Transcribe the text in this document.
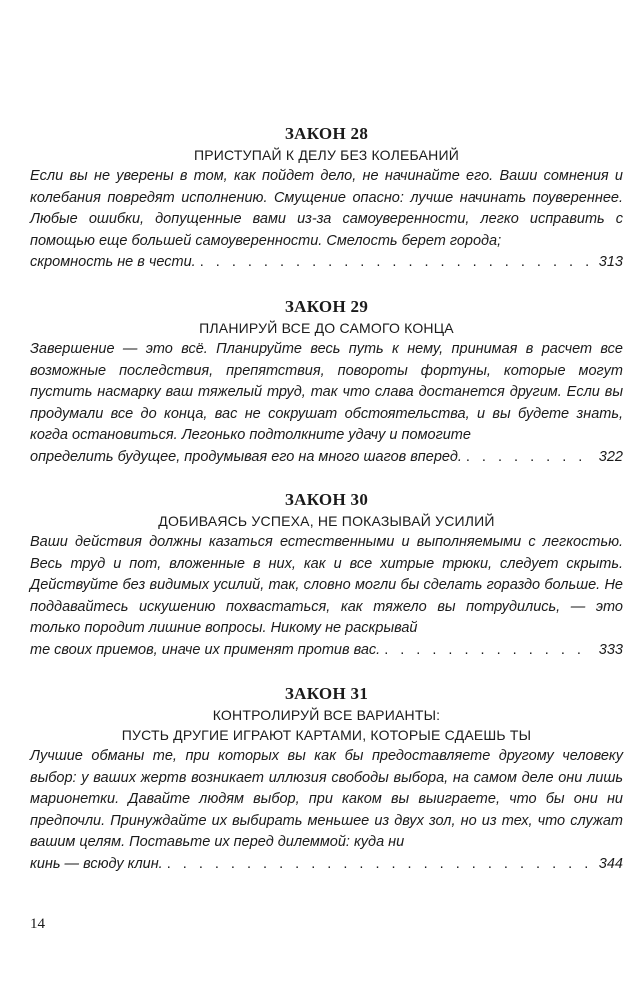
ЗАКОН 28
ПРИСТУПАЙ К ДЕЛУ БЕЗ КОЛЕБАНИЙ
Если вы не уверены в том, как пойдет дело, не начинайте его. Ваши сомнения и колебания повредят исполнению. Смущение опасно: лучше начинать поувереннее. Любые ошибки, допущенные вами из-за самоуверенности, легко исправить с помощью еще большей самоуверенности. Смелость берет города;
скромность не в чести. . . .	313
ЗАКОН 29
ПЛАНИРУЙ ВСЕ ДО САМОГО КОНЦА
Завершение — это всё. Планируйте весь путь к нему, принимая в расчет все возможные последствия, препятствия, повороты фортуны, которые могут пустить насмарку ваш тяжелый труд, так что слава достанется другим. Если вы продумали все до конца, вас не сокрушат обстоятельства, и вы будете знать, когда остановиться. Легонько подтолкните удачу и помогите
определить будущее, продумывая его на много шагов вперед. . . .	322
ЗАКОН 30
ДОБИВАЯСЬ УСПЕХА, НЕ ПОКАЗЫВАЙ УСИЛИЙ
Ваши действия должны казаться естественными и выполняемыми с легкостью. Весь труд и пот, вложенные в них, как и все хитрые трюки, следует скрыть. Действуйте без видимых усилий, так, словно могли бы сделать гораздо больше. Не поддавайтесь искушению похвастаться, как тяжело вы потрудились, — это только породит лишние вопросы. Никому не раскрывай
те своих приемов, иначе их применят против вас. . . .	333
ЗАКОН 31
КОНТРОЛИРУЙ ВСЕ ВАРИАНТЫ:
ПУСТЬ ДРУГИЕ ИГРАЮТ КАРТАМИ, КОТОРЫЕ СДАЕШЬ ТЫ
Лучшие обманы те, при которых вы как бы предоставляете другому человеку выбор: у ваших жертв возникает иллюзия свободы выбора, на самом деле они лишь марионетки. Давайте людям выбор, при каком вы выиграете, что бы они ни предпочли. Принуждайте их выбирать меньшее из двух зол, но из тех, что служат вашим целям. Поставьте их перед дилеммой: куда ни
кинь — всюду клин. . . .	344
14
